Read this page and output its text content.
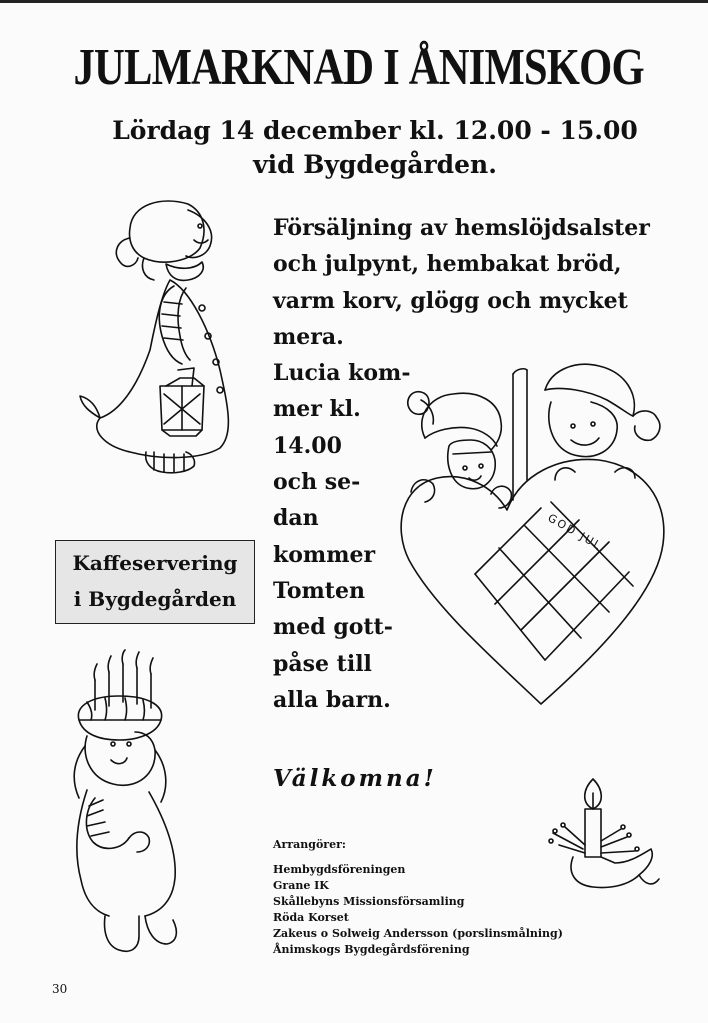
JULMARKNAD I ÅNIMSKOG
Lördag 14 december kl. 12.00 - 15.00
vid Bygdegården.
Försäljning av hemslöjdsalster
och julpynt, hembakat bröd,
varm korv, glögg och mycket
mera.
Lucia kom-
mer kl.
14.00
och se-
dan
kommer
Tomten
med gott-
påse till
alla barn.
Kaffeservering
i Bygdegården
Välkomna!
Arrangörer:
Hembygdsföreningen
Grane IK
Skållebyns Missionsförsamling
Röda Korset
Zakeus o Solweig Andersson (porslinsmålning)
Ånimskogs Bygdegårdsförening
30
GOD JUL
